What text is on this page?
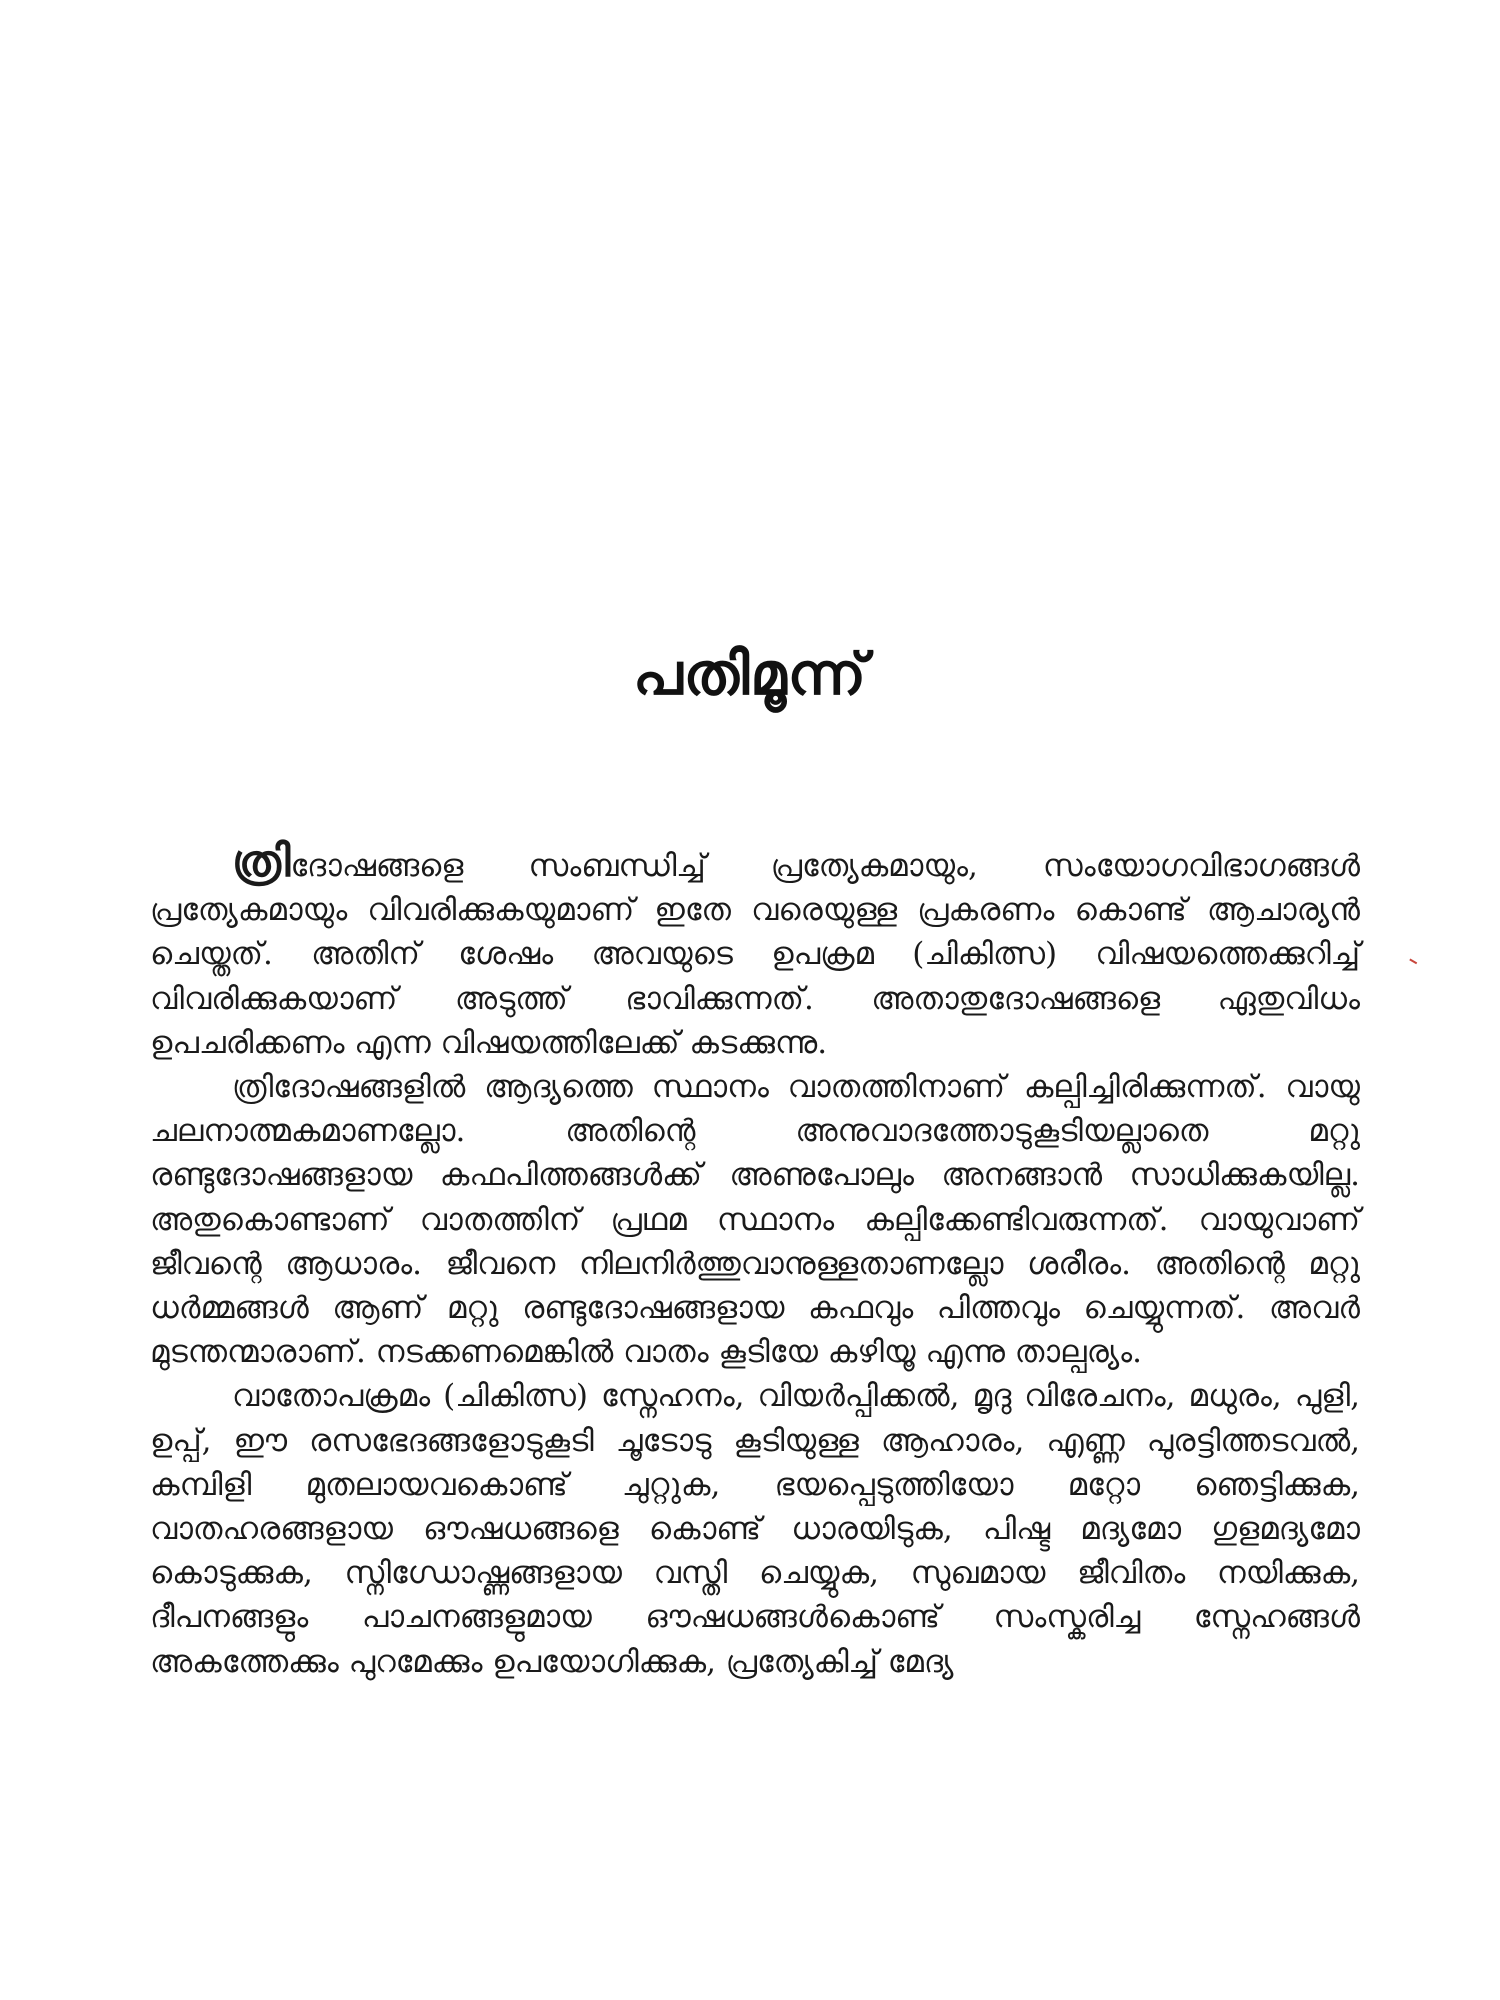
പതിമൂന്ന്

ത്രിദോഷങ്ങളെ സംബന്ധിച്ച് പ്രത്യേകമായും, സംയോഗവിഭാഗങ്ങൾ പ്രത്യേകമായും വിവരിക്കുകയുമാണ് ഇതേ വരെയുള്ള പ്രകരണം കൊണ്ട് ആചാര്യൻ ചെയ്തത്. അതിന് ശേഷം അവയുടെ ഉപക്രമ (ചികിത്സ) വിഷയത്തെക്കുറിച്ച് വിവരിക്കുകയാണ് അടുത്ത് ഭാവിക്കുന്നത്. അതാതുദോഷങ്ങളെ ഏതുവിധം ഉപചരിക്കണം എന്ന വിഷയത്തിലേക്ക് കടക്കുന്നു.

ത്രിദോഷങ്ങളിൽ ആദ്യത്തെ സ്ഥാനം വാതത്തിനാണ് കല്പിച്ചിരിക്കുന്നത്. വായു ചലനാത്മകമാണല്ലോ. അതിന്റെ അനുവാദത്തോടുകൂടിയല്ലാതെ മറ്റു രണ്ടുദോഷങ്ങളായ കഫപിത്തങ്ങൾക്ക് അണുപോലും അനങ്ങാൻ സാധിക്കുകയില്ല. അതുകൊണ്ടാണ് വാതത്തിന് പ്രഥമ സ്ഥാനം കല്പിക്കേണ്ടിവരുന്നത്. വായുവാണ് ജീവന്റെ ആധാരം. ജീവനെ നിലനിർത്തുവാനുള്ളതാണല്ലോ ശരീരം. അതിന്റെ മറ്റു ധർമ്മങ്ങൾ ആണ് മറ്റു രണ്ടുദോഷങ്ങളായ കഫവും പിത്തവും ചെയ്യുന്നത്. അവർ മുടന്തന്മാരാണ്. നടക്കണമെങ്കിൽ വാതം കൂടിയേ കഴിയൂ എന്നു താല്പര്യം.

വാതോപക്രമം (ചികിത്സ) സ്നേഹനം, വിയർപ്പിക്കൽ, മൃദു വിരേചനം, മധുരം, പുളി, ഉപ്പ്, ഈ രസഭേദങ്ങളോടുകൂടി ചൂടോടു കൂടിയുള്ള ആഹാരം, എണ്ണ പുരട്ടിത്തടവൽ, കമ്പിളി മുതലായവകൊണ്ട് ചുറ്റുക, ഭയപ്പെടുത്തിയോ മറ്റോ ഞെട്ടിക്കുക, വാതഹരങ്ങളായ ഔഷധങ്ങളെ കൊണ്ട് ധാരയിടുക, പിഷ്ട മദ്യമോ ഗുളമദ്യമോ കൊടുക്കുക, സ്നിഗ്ധോഷ്ണങ്ങളായ വസ്തി ചെയ്യുക, സുഖമായ ജീവിതം നയിക്കുക, ദീപനങ്ങളും പാചനങ്ങളുമായ ഔഷധങ്ങൾകൊണ്ട് സംസ്കരിച്ച സ്നേഹങ്ങൾ അകത്തേക്കും പുറമേക്കും ഉപയോഗിക്കുക, പ്രത്യേകിച്ച് മേദ്യ
